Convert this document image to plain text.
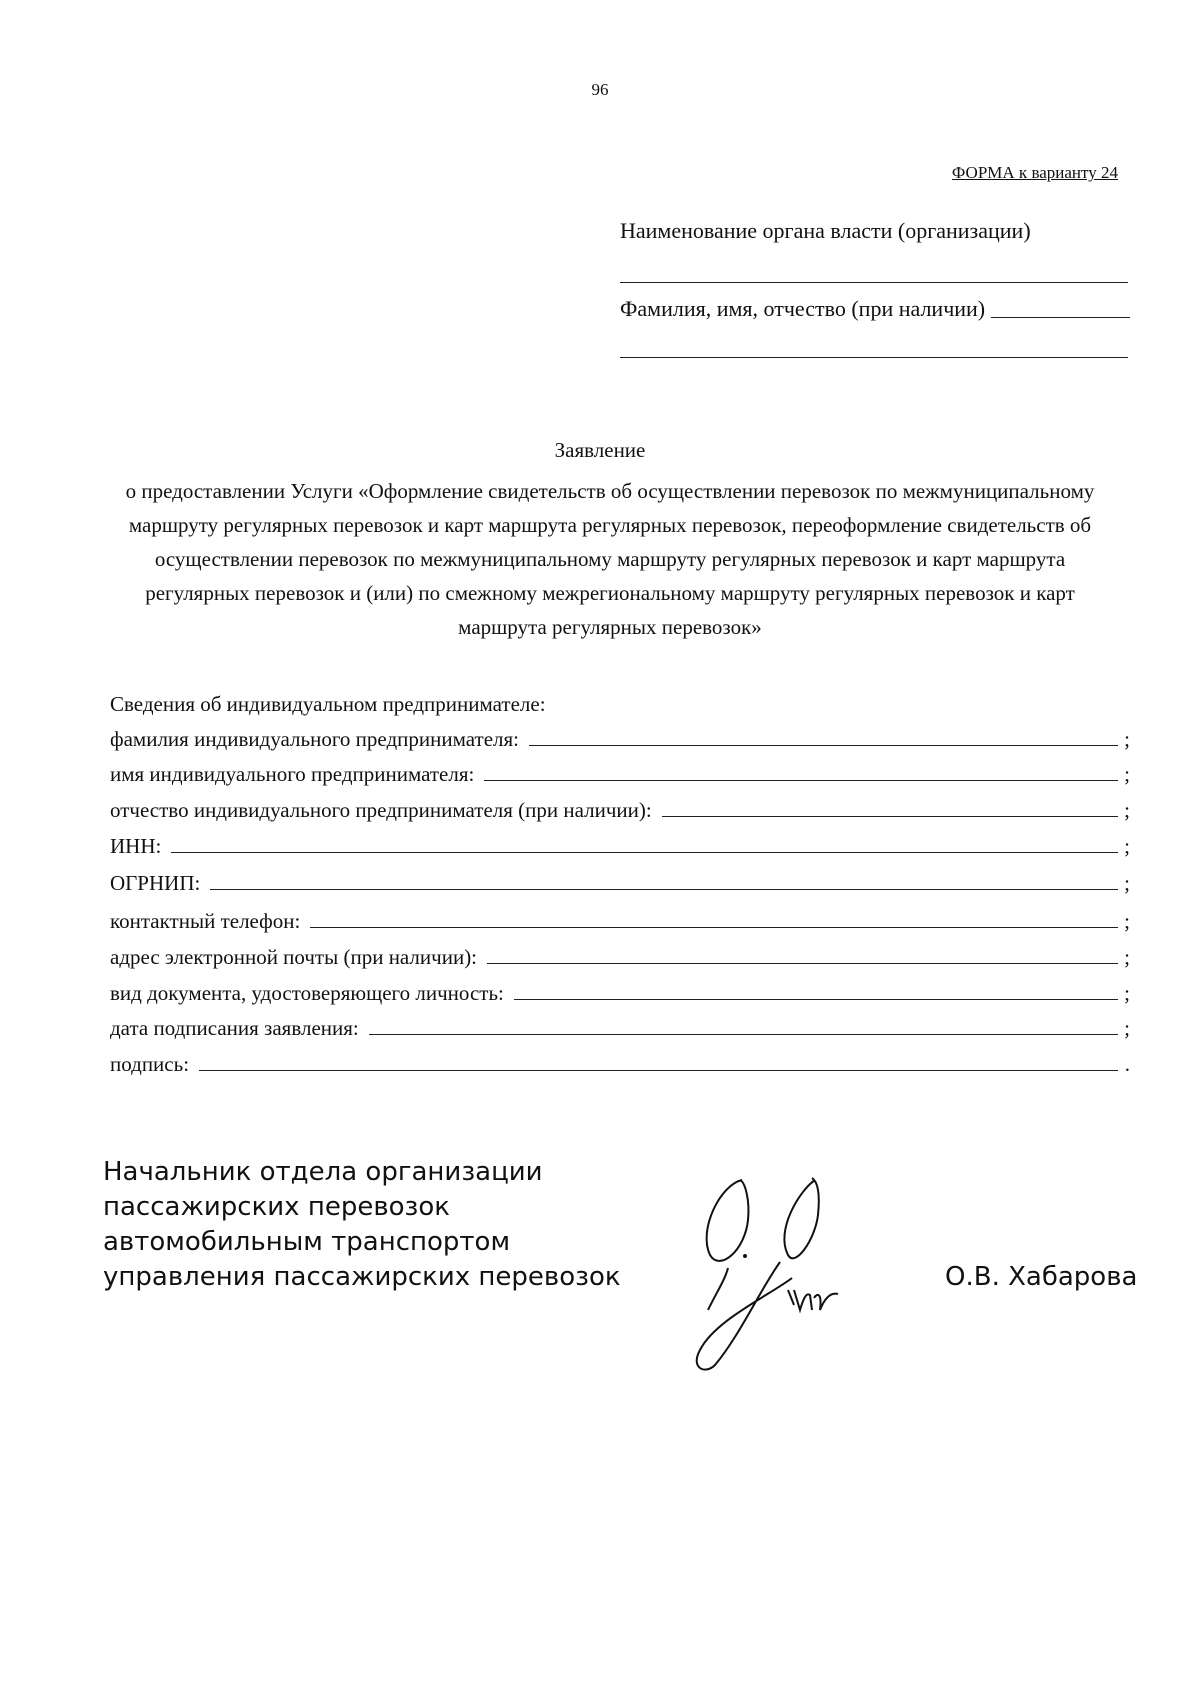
96
ФОРМА к варианту 24
Наименование органа власти (организации)
Фамилия, имя, отчество (при наличии)
Заявление
о предоставлении Услуги «Оформление свидетельств об осуществлении перевозок по межмуниципальному маршруту регулярных перевозок и карт маршрута регулярных перевозок, переоформление свидетельств об осуществлении перевозок по межмуниципальному маршруту регулярных перевозок и карт маршрута регулярных перевозок и (или) по смежному межрегиональному маршруту регулярных перевозок и карт маршрута регулярных перевозок»
Сведения об индивидуальном предпринимателе:
фамилия индивидуального предпринимателя:	;
имя индивидуального предпринимателя:	;
отчество индивидуального предпринимателя (при наличии):	;
ИНН:	;
ОГРНИП:	;
контактный телефон:	;
адрес электронной почты (при наличии):	;
вид документа, удостоверяющего личность:	;
дата подписания заявления:	;
подпись:	.
Начальник отдела организации
пассажирских перевозок
автомобильным транспортом
управления пассажирских перевозок	О.В. Хабарова
